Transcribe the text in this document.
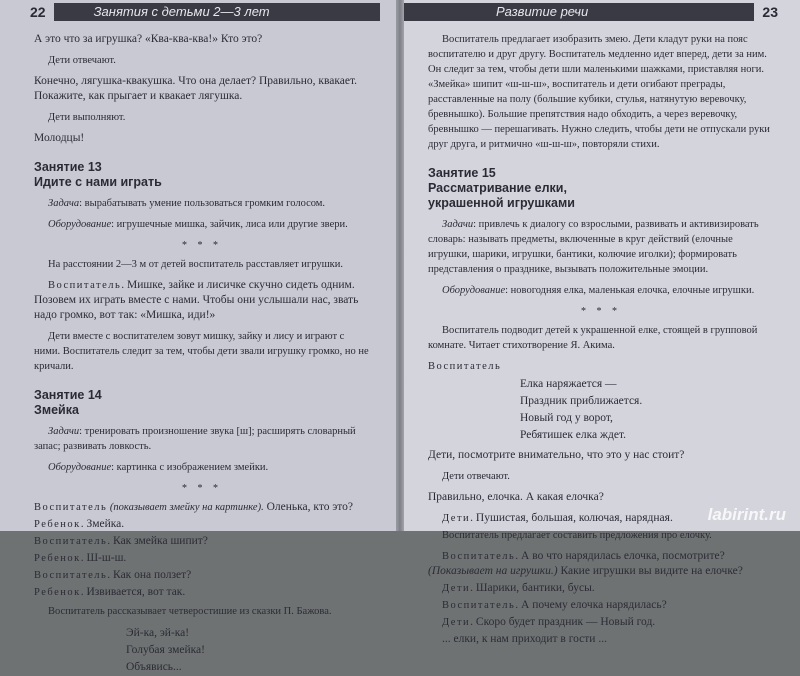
22	Занятия с детьми 2—3 лет

А это что за игрушка? «Ква-ква-ква!» Кто это?

Дети отвечают.

Конечно, лягушка-квакушка. Что она делает? Правильно, квакает. Покажите, как прыгает и квакает лягушка.

Дети выполняют.

Молодцы!

Занятие 13
Идите с нами играть

Задача: вырабатывать умение пользоваться громким голосом.

Оборудование: игрушечные мишка, зайчик, лиса или другие звери.

* * *

На расстоянии 2—3 м от детей воспитатель расставляет игрушки.

Воспитатель. Мишке, зайке и лисичке скучно сидеть одним. Позовем их играть вместе с нами. Чтобы они услышали нас, звать надо громко, вот так: «Мишка, иди!»

Дети вместе с воспитателем зовут мишку, зайку и лису и играют с ними. Воспитатель следит за тем, чтобы дети звали игрушку громко, но не кричали.

Занятие 14
Змейка

Задачи: тренировать произношение звука [ш]; расширять словарный запас; развивать ловкость.

Оборудование: картинка с изображением змейки.

* * *
Воспитатель (показывает змейку на картинке). Оленька, кто это?
Ребенок. Змейка.
Воспитатель. Как змейка шипит?
Ребенок. Ш-ш-ш.
Воспитатель. Как она ползет?
Ребенок. Извивается, вот так.

Воспитатель рассказывает четверостишие из сказки П. Бажова.

Эй-ка, эй-ка!
Голубая змейка!
Объявись...
Развитие речи	23

Воспитатель предлагает изобразить змею. Дети кладут руки на пояс воспитателю и друг другу. Воспитатель медленно идет вперед, дети за ним. Он следит за тем, чтобы дети шли маленькими шажками, приставляя ноги. «Змейка» шипит «ш-ш-ш», воспитатель и дети огибают преграды, расставленные на полу (большие кубики, стулья, натянутую веревочку, бревнышко). Большие препятствия надо обходить, а через веревочку, бревнышко — перешагивать. Нужно следить, чтобы дети не отпускали руки друг друга, и ритмично «ш-ш-ш», повторяли стихи.

Занятие 15
Рассматривание елки,
украшенной игрушками

Задачи: привлечь к диалогу со взрослыми, развивать и активизировать словарь: называть предметы, включенные в круг действий (елочные игрушки, шарики, игрушки, бантики, колючие иголки); формировать представления о празднике, вызывать положительные эмоции.

Оборудование: новогодняя елка, маленькая елочка, елочные игрушки.

* * *

Воспитатель подводит детей к украшенной елке, стоящей в групповой комнате. Читает стихотворение Я. Акима.

Воспитатель

Елка наряжается —
Праздник приближается.
Новый год у ворот,
Ребятишек елка ждет.

Дети, посмотрите внимательно, что это у нас стоит?

Дети отвечают.

Правильно, елочка. А какая елочка?

Дети. Пушистая, большая, колючая, нарядная.

Воспитатель предлагает составить предложения про елочку.

Воспитатель. А во что нарядилась елочка, посмотрите? (Показывает на игрушки.) Какие игрушки вы видите на елочке?
Дети. Шарики, бантики, бусы.
Воспитатель. А почему елочка нарядилась?
Дети. Скоро будет праздник — Новый год.
... елки, к нам приходит в гости ...
labirint.ru
